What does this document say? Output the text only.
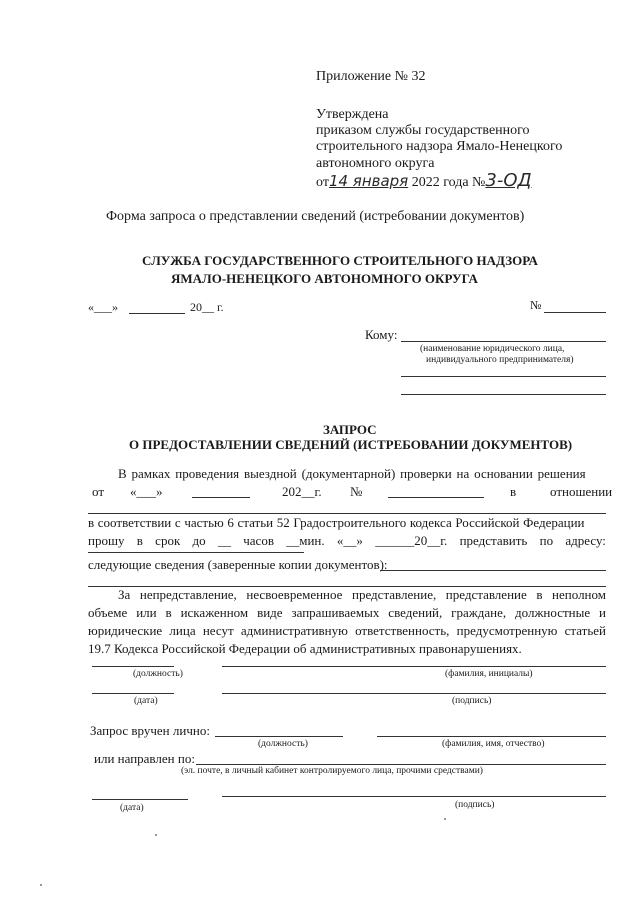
Приложение № 32
Утверждена
приказом службы государственного
строительного надзора Ямало-Ненецкого
автономного округа
от14 января 2022 года №3-ОД
Форма запроса о представлении сведений (истребовании документов)
СЛУЖБА ГОСУДАРСТВЕННОГО СТРОИТЕЛЬНОГО НАДЗОРА
ЯМАЛО-НЕНЕЦКОГО АВТОНОМНОГО ОКРУГА
«___»	20__ г.	№
Кому:
(наименование юридического лица,
индивидуального предпринимателя)
ЗАПРОС
О ПРЕДОСТАВЛЕНИИ СВЕДЕНИЙ (ИСТРЕБОВАНИИ ДОКУМЕНТОВ)
В рамках проведения выездной (документарной) проверки на основании решения
от «___»	202__г. №	в	отношении
в соответствии с частью 6 статьи 52 Градостроительного кодекса Российской Федерации
прошу в срок до __ часов __мин. «__» ______20__г. представить по адресу:
следующие сведения (заверенные копии документов):
За непредставление, несвоевременное представление, представление в неполном объеме или в искаженном виде запрашиваемых сведений, граждане, должностные и юридические лица несут административную ответственность, предусмотренную статьей 19.7 Кодекса Российской Федерации об административных правонарушениях.
(должность)	(фамилия, инициалы)
(дата)	(подпись)
Запрос вручен лично:
(должность)	(фамилия, имя, отчество)
или направлен по:
(эл. почте, в личный кабинет контролируемого лица, прочими средствами)
(дата)	(подпись)
